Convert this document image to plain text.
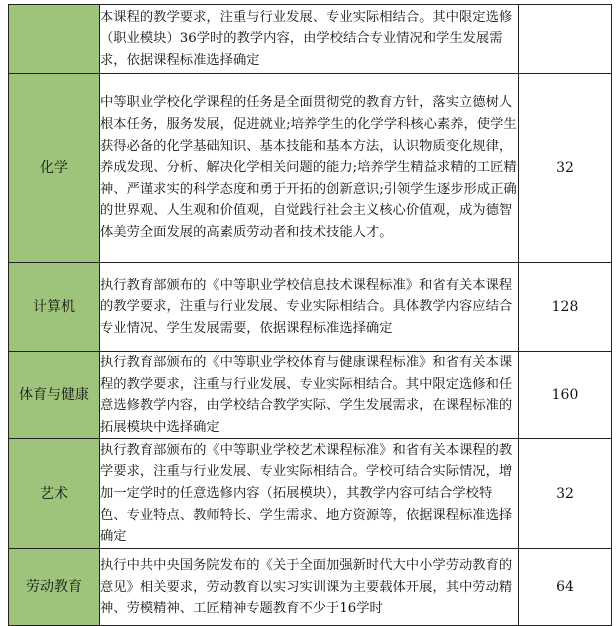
	本课程的教学要求，注重与行业发展、专业实际相结合。其中限定选修（职业模块）36学时的教学内容，由学校结合专业情况和学生发展需求，依据课程标准选择确定	
化学	中等职业学校化学课程的任务是全面贯彻党的教育方针，落实立德树人根本任务，服务发展，促进就业;培养学生的化学学科核心素养，使学生获得必备的化学基础知识、基本技能和基本方法，认识物质变化规律，养成发现、分析、解决化学相关问题的能力;培养学生精益求精的工匠精神、严谨求实的科学态度和勇于开拓的创新意识;引领学生逐步形成正确的世界观、人生观和价值观，自觉践行社会主义核心价值观，成为德智体美劳全面发展的高素质劳动者和技术技能人才。	32
计算机	执行教育部颁布的《中等职业学校信息技术课程标准》和省有关本课程的教学要求，注重与行业发展、专业实际相结合。具体教学内容应结合专业情况、学生发展需要，依据课程标准选择确定	128
体育与健康	执行教育部颁布的《中等职业学校体育与健康课程标准》和省有关本课程的教学要求，注重与行业发展、专业实际相结合。其中限定选修和任意选修教学内容，由学校结合教学实际、学生发展需求，在课程标准的拓展模块中选择确定	160
艺术	执行教育部颁布的《中等职业学校艺术课程标准》和省有关本课程的教学要求，注重与行业发展、专业实际相结合。学校可结合实际情况，增加一定学时的任意选修内容（拓展模块），其教学内容可结合学校特色、专业特点、教师特长、学生需求、地方资源等，依据课程标准选择确定	32
劳动教育	执行中共中央国务院发布的《关于全面加强新时代大中小学劳动教育的意见》相关要求，劳动教育以实习实训课为主要载体开展，其中劳动精神、劳模精神、工匠精神专题教育不少于16学时	64
